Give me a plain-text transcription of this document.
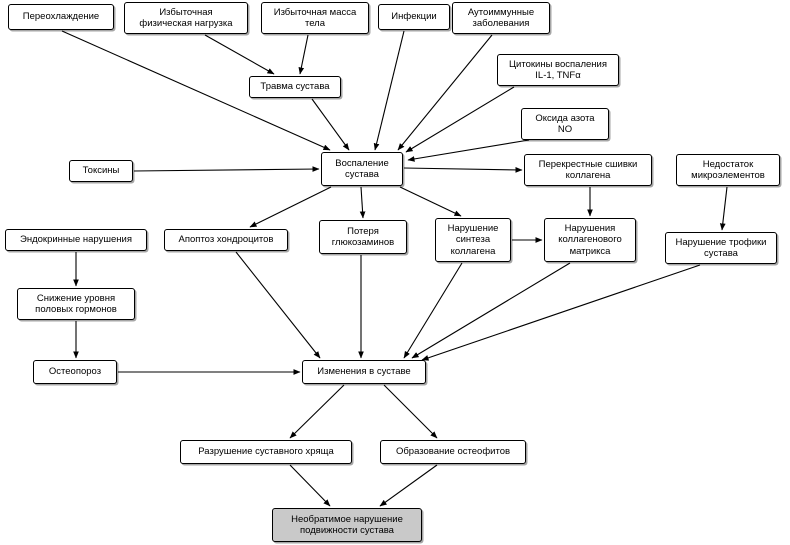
Переохлаждение	Избыточная
физическая нагрузка
Избыточная масса
тела
Инфекции	Аутоиммунные
заболевания
Цитокины воспаления
IL-1, TNFα
Травма сустава
Оксида азота
NO
Воспаление
сустава
Токсины
Перекрестные сшивки
коллагена
Недостаток
микроэлементов
Потеря
глюкозаминов
Апоптоз хондроцитов
Нарушение
синтеза
коллагена
Нарушения
коллагенового
матрикса
Нарушение трофики
сустава
Эндокринные нарушения
Снижение уровня
половых гормонов
Остеопороз	Изменения в суставе
Разрушение суставного хряща	Образование остеофитов
Необратимое нарушение
подвижности сустава
